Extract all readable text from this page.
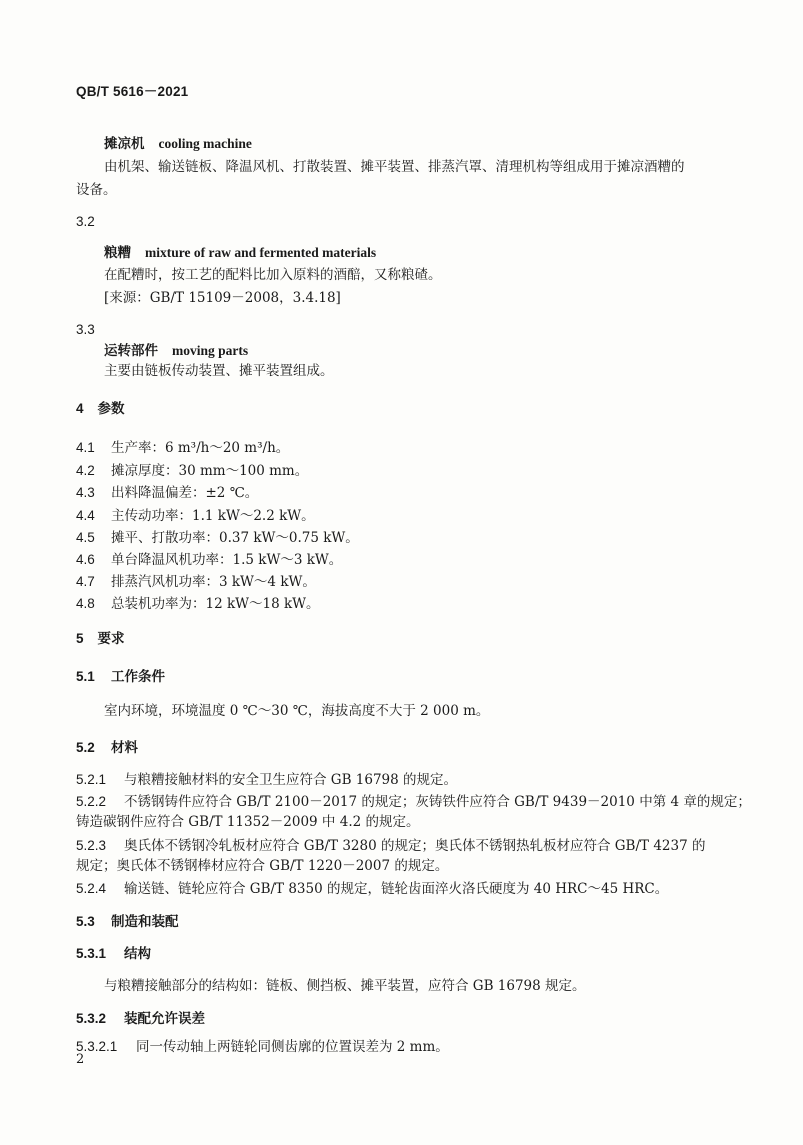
QB/T 5616－2021
摊凉机 cooling machine
由机架、输送链板、降温风机、打散装置、摊平装置、排蒸汽罩、清理机构等组成用于摊凉酒糟的
设备。
3.2
粮糟 mixture of raw and fermented materials
在配糟时，按工艺的配料比加入原料的酒醅，又称粮碴。
[来源：GB/T 15109－2008，3.4.18]
3.3
运转部件 moving parts
主要由链板传动装置、摊平装置组成。
4 参数
4.1 生产率：6 m³/h～20 m³/h。
4.2 摊凉厚度：30 mm～100 mm。
4.3 出料降温偏差：±2 ℃。
4.4 主传动功率：1.1 kW～2.2 kW。
4.5 摊平、打散功率：0.37 kW～0.75 kW。
4.6 单台降温风机功率：1.5 kW～3 kW。
4.7 排蒸汽风机功率：3 kW～4 kW。
4.8 总装机功率为：12 kW～18 kW。
5 要求
5.1 工作条件
室内环境，环境温度 0 ℃～30 ℃，海拔高度不大于 2 000 m。
5.2 材料
5.2.1 与粮糟接触材料的安全卫生应符合 GB 16798 的规定。
5.2.2 不锈钢铸件应符合 GB/T 2100－2017 的规定；灰铸铁件应符合 GB/T 9439－2010 中第 4 章的规定；
铸造碳钢件应符合 GB/T 11352－2009 中 4.2 的规定。
5.2.3 奥氏体不锈钢冷轧板材应符合 GB/T 3280 的规定；奥氏体不锈钢热轧板材应符合 GB/T 4237 的
规定；奥氏体不锈钢棒材应符合 GB/T 1220－2007 的规定。
5.2.4 输送链、链轮应符合 GB/T 8350 的规定，链轮齿面淬火洛氏硬度为 40 HRC～45 HRC。
5.3 制造和装配
5.3.1 结构
与粮糟接触部分的结构如：链板、侧挡板、摊平装置，应符合 GB 16798 规定。
5.3.2 装配允许误差
5.3.2.1 同一传动轴上两链轮同侧齿廓的位置误差为 2 mm。
2
